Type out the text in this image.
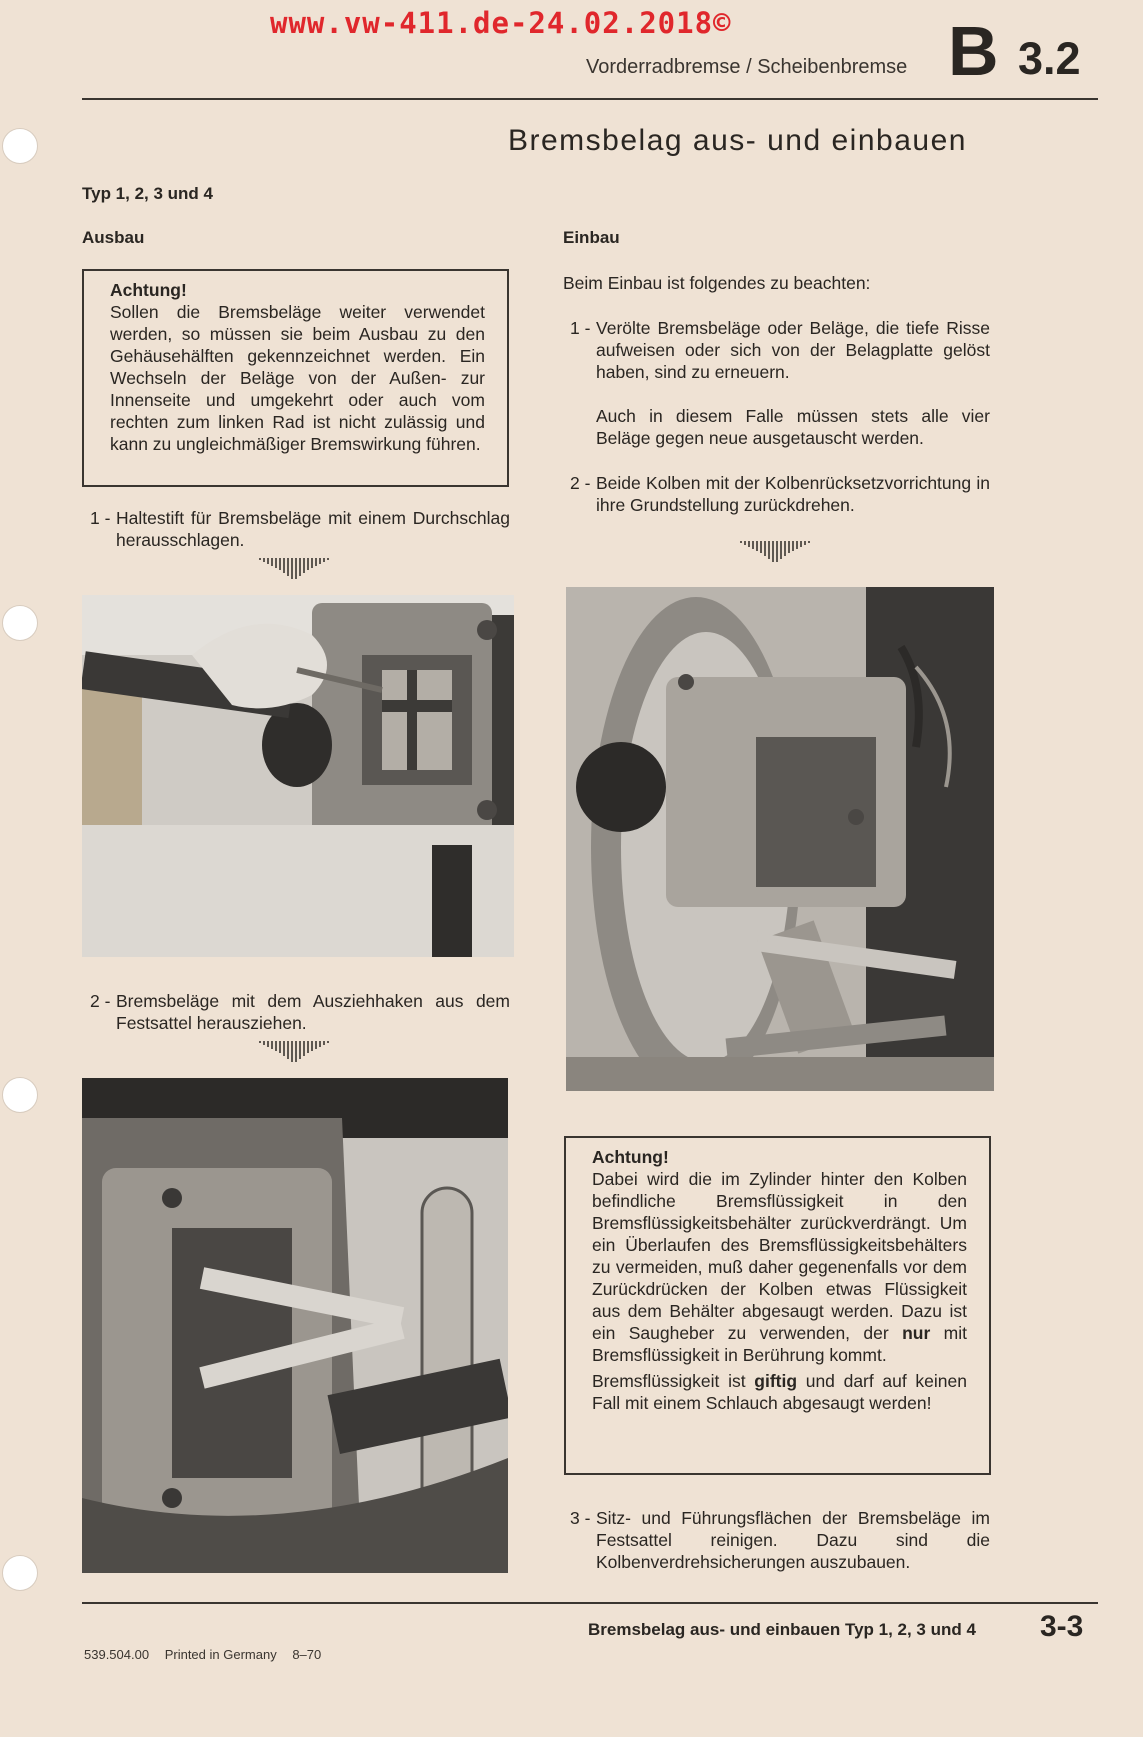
www.vw-411.de-24.02.2018©
Vorderradbremse / Scheibenbremse B 3.2
Bremsbelag aus- und einbauen
Typ 1, 2, 3 und 4
Ausbau
Achtung!

Sollen die Bremsbeläge weiter verwendet werden, so müssen sie beim Ausbau zu den Gehäusehälften gekennzeichnet werden. Ein Wechseln der Beläge von der Außen- zur Innenseite und umgekehrt oder auch vom rechten zum linken Rad ist nicht zulässig und kann zu ungleichmäßiger Bremswirkung führen.

1 - Haltestift für Bremsbeläge mit einem Durchschlag herausschlagen.
2 - Bremsbeläge mit dem Ausziehhaken aus dem Festsattel herausziehen.
Einbau
Beim Einbau ist folgendes zu beachten:
1 - Verölte Bremsbeläge oder Beläge, die tiefe Risse aufweisen oder sich von der Belagplatte gelöst haben, sind zu erneuern.
Auch in diesem Falle müssen stets alle vier Beläge gegen neue ausgetauscht werden.
2 - Beide Kolben mit der Kolbenrücksetzvorrichtung in ihre Grundstellung zurückdrehen.
Achtung!

Dabei wird die im Zylinder hinter den Kolben befindliche Bremsflüssigkeit in den Bremsflüssigkeitsbehälter zurückverdrängt. Um ein Überlaufen des Bremsflüssigkeitsbehälters zu vermeiden, muß daher gegenenfalls vor dem Zurückdrücken der Kolben etwas Flüssigkeit aus dem Behälter abgesaugt werden. Dazu ist ein Saugheber zu verwenden, der nur mit Bremsflüssigkeit in Berührung kommt.

Bremsflüssigkeit ist giftig und darf auf keinen Fall mit einem Schlauch abgesaugt werden!

3 - Sitz- und Führungsflächen der Bremsbeläge im Festsattel reinigen. Dazu sind die Kolbenverdrehsicherungen auszubauen.
Bremsbelag aus- und einbauen Typ 1, 2, 3 und 4 3-3
539.504.00 Printed in Germany 8–70
